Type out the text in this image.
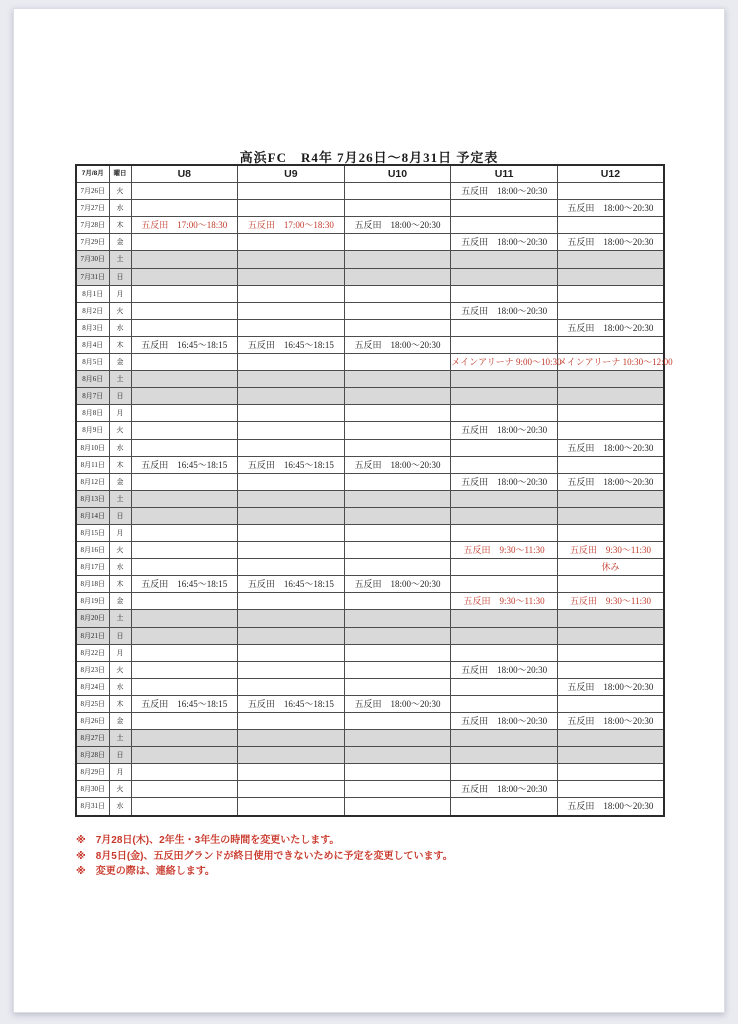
高浜FC　R4年 7月26日～8月31日 予定表
7月/8月	曜日	U8	U9	U10	U11	U12
7月26日	火				五反田　18:00～20:30	
7月27日	水					五反田　18:00～20:30
7月28日	木	五反田　17:00～18:30	五反田　17:00～18:30	五反田　18:00～20:30		
7月29日	金				五反田　18:00～20:30	五反田　18:00～20:30
7月30日	土					
7月31日	日					
8月1日	月					
8月2日	火				五反田　18:00～20:30	
8月3日	水					五反田　18:00～20:30
8月4日	木	五反田　16:45～18:15	五反田　16:45～18:15	五反田　18:00～20:30		
8月5日	金				メインアリーナ 9:00～10:30	メインアリーナ 10:30～12:00
8月6日	土					
8月7日	日					
8月8日	月					
8月9日	火				五反田　18:00～20:30	
8月10日	水					五反田　18:00～20:30
8月11日	木	五反田　16:45～18:15	五反田　16:45～18:15	五反田　18:00～20:30		
8月12日	金				五反田　18:00～20:30	五反田　18:00～20:30
8月13日	土					
8月14日	日					
8月15日	月					
8月16日	火				五反田　9:30～11:30	五反田　9:30～11:30
8月17日	水					休み
8月18日	木	五反田　16:45～18:15	五反田　16:45～18:15	五反田　18:00～20:30		
8月19日	金				五反田　9:30～11:30	五反田　9:30～11:30
8月20日	土					
8月21日	日					
8月22日	月					
8月23日	火				五反田　18:00～20:30	
8月24日	水					五反田　18:00～20:30
8月25日	木	五反田　16:45～18:15	五反田　16:45～18:15	五反田　18:00～20:30		
8月26日	金				五反田　18:00～20:30	五反田　18:00～20:30
8月27日	土					
8月28日	日					
8月29日	月					
8月30日	火				五反田　18:00～20:30	
8月31日	水					五反田　18:00～20:30
※　7月28日(木)、2年生・3年生の時間を変更いたします。
※　8月5日(金)、五反田グランドが終日使用できないために予定を変更しています。
※　変更の際は、連絡します。
